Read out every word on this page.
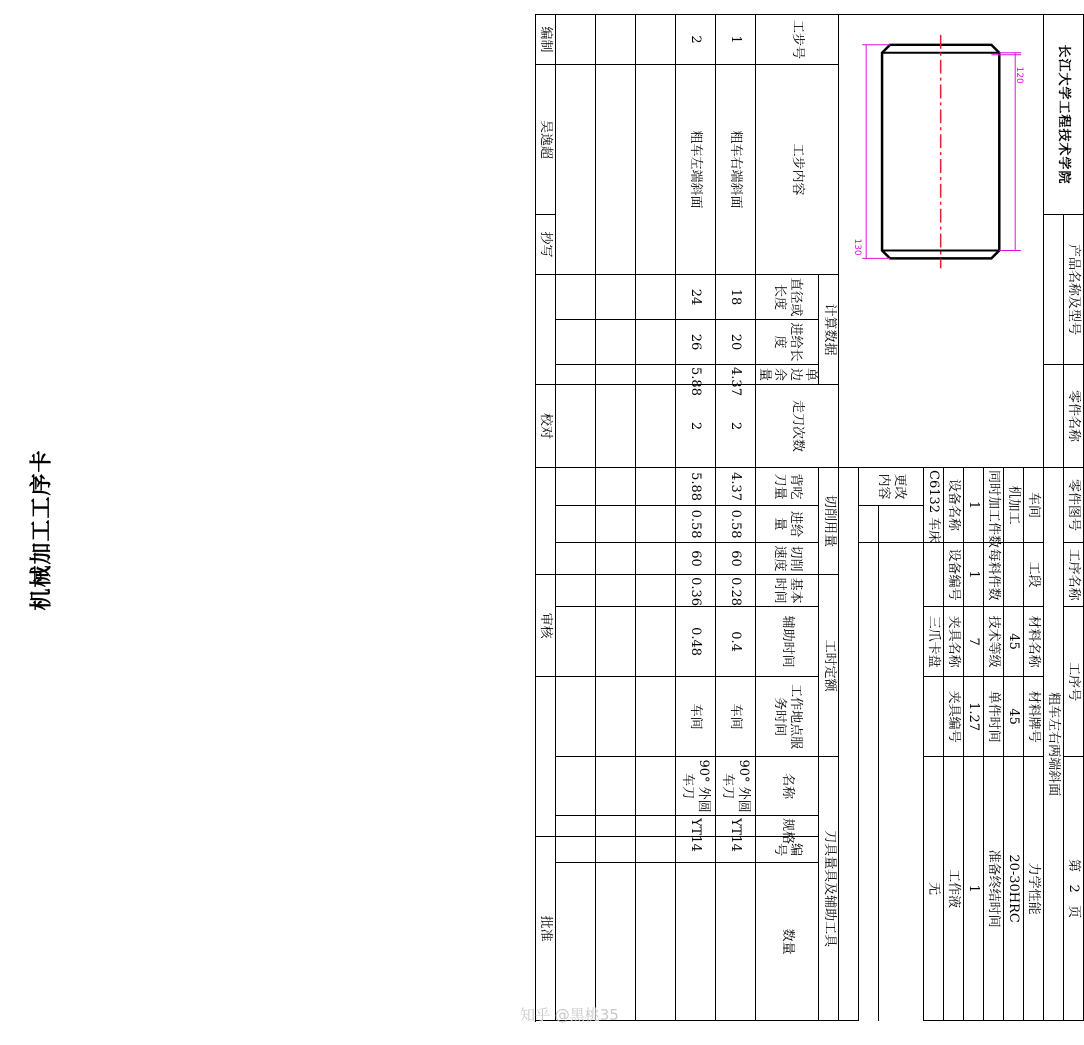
机械加工工序卡
长江大学工程技术学院		产品名称及型号			零件名称		零件图号		工序名称		工序号		第   2   页			
							粗车左右两端斜面									

120
130							车间		工段		材料名称	材料牌号	力学性能			
							机加工				45	45	20-30HRC			
							同时加工件数		每料件数		技术等级	单件时间	准备终结时间			
							1		1		7	1.27	1			
							设备名称		设备编号		夹具名称	夹具编号	工作液			
							C6132 车床				三爪卡盘		无			
							更改内容									

工步号	工步内容		计算数据			走刀次数	切削用量			工时定额			刀具量具及辅助工具			
			直径或长度	进给长度	单边余量		背吃刀量	进给量	切削速度	基本时间	辅助时间	工作地点服务时间	名称	规格	编号	数量
1	粗车右端斜面		18	20	4.37	2	4.37	0.58	60	0.28	0.4	车间	90° 外圆车刀	YT14		
2	粗车左端斜面		24	26	5.88	2	5.88	0.58	60	0.36	0.48	车间	90° 外圆车刀	YT14		

编制	吴逸超	抄写				校对				审核					批准	
知乎 @黑桃35
